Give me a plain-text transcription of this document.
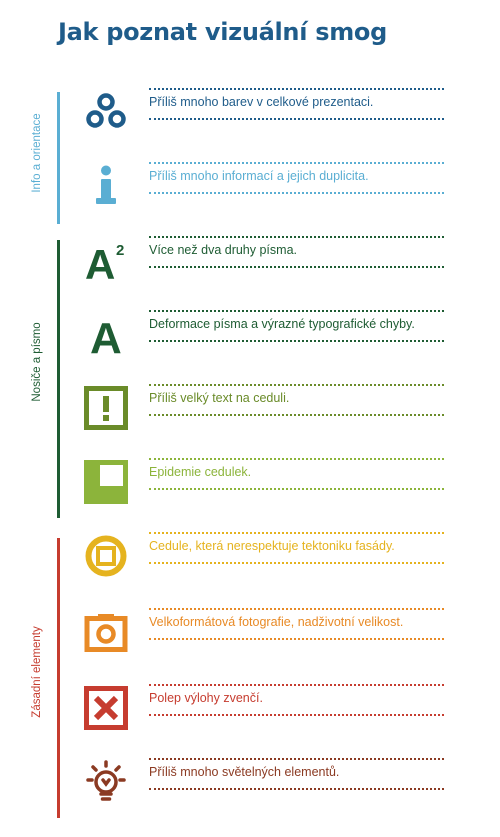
Jak poznat vizuální smog
Info a orientace
Nosiče a písmo
Zásadní elementy
Příliš mnoho barev v celkové prezentaci.
Příliš mnoho informací a jejich duplicita.
A 2 Více než dva druhy písma.
A Deformace písma a výrazné typografické chyby.
Příliš velký text na ceduli.
Epidemie cedulek.
Cedule, která nerespektuje tektoniku fasády.
Velkoformátová fotografie, nadživotní velikost.
Polep výlohy zvenčí.
Příliš mnoho světelných elementů.
